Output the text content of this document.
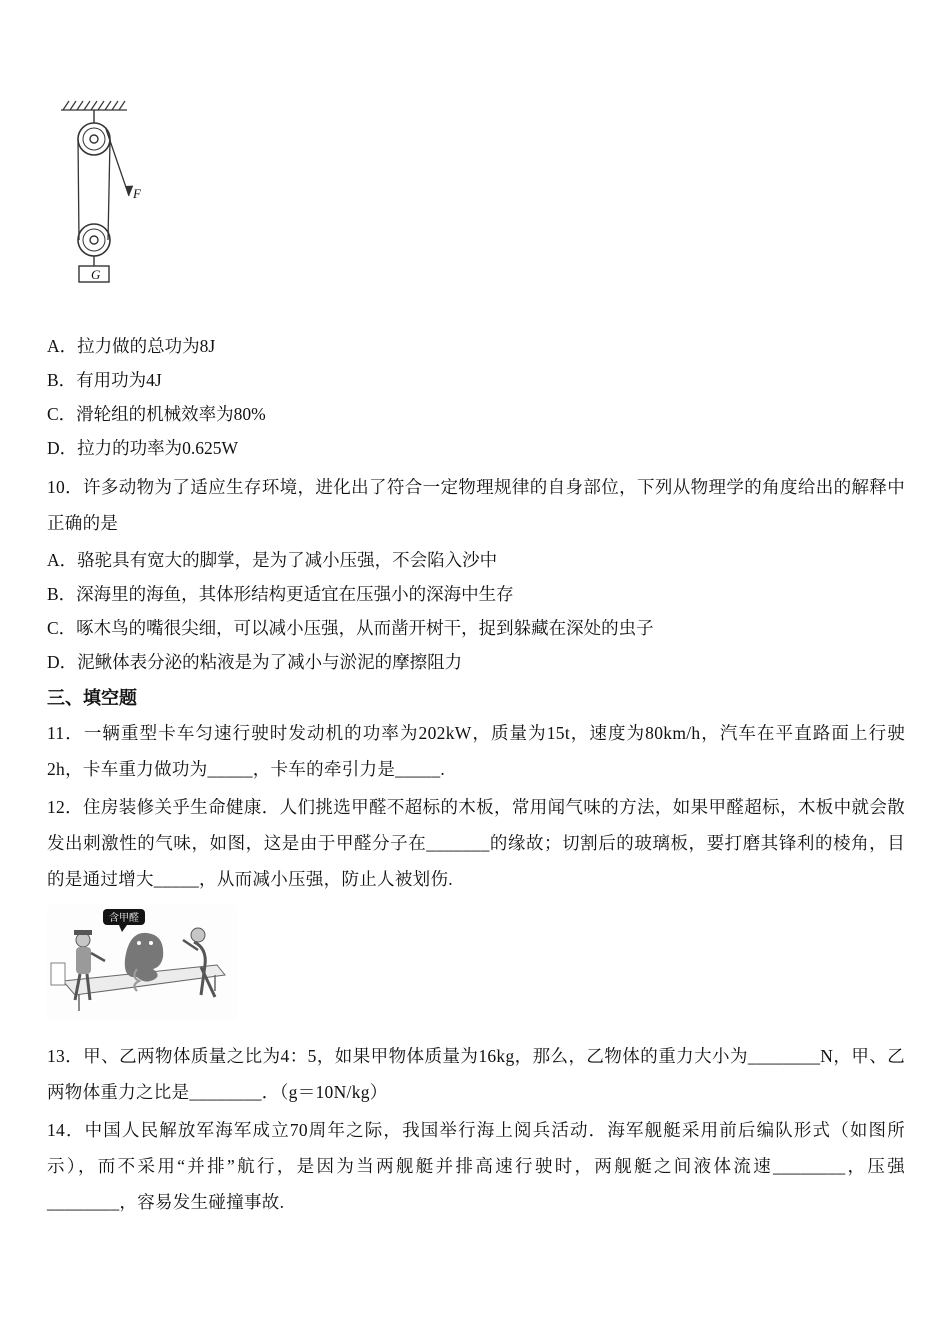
F
G

A．拉力做的总功为8J

B．有用功为4J

C．滑轮组的机械效率为80%

D．拉力的功率为0.625W

10．许多动物为了适应生存环境，进化出了符合一定物理规律的自身部位，下列从物理学的角度给出的解释中正确的是

A．骆驼具有宽大的脚掌，是为了减小压强，不会陷入沙中

B．深海里的海鱼，其体形结构更适宜在压强小的深海中生存

C．啄木鸟的嘴很尖细，可以减小压强，从而凿开树干，捉到躲藏在深处的虫子

D．泥鳅体表分泌的粘液是为了减小与淤泥的摩擦阻力

三、填空题

11．一辆重型卡车匀速行驶时发动机的功率为202kW，质量为15t，速度为80km/h，汽车在平直路面上行驶2h，卡车重力做功为_____，卡车的牵引力是_____.

12．住房装修关乎生命健康．人们挑选甲醛不超标的木板，常用闻气味的方法，如果甲醛超标，木板中就会散发出刺激性的气味，如图，这是由于甲醛分子在_______的缘故；切割后的玻璃板，要打磨其锋利的棱角，目的是通过增大_____，从而减小压强，防止人被划伤.

含甲醛

13．甲、乙两物体质量之比为4：5，如果甲物体质量为16kg，那么，乙物体的重力大小为________N，甲、乙两物体重力之比是________．（g＝10N/kg）

14．中国人民解放军海军成立70周年之际，我国举行海上阅兵活动．海军舰艇采用前后编队形式（如图所示），而不采用“并排”航行，是因为当两舰艇并排高速行驶时，两舰艇之间液体流速________，压强________，容易发生碰撞事故.
